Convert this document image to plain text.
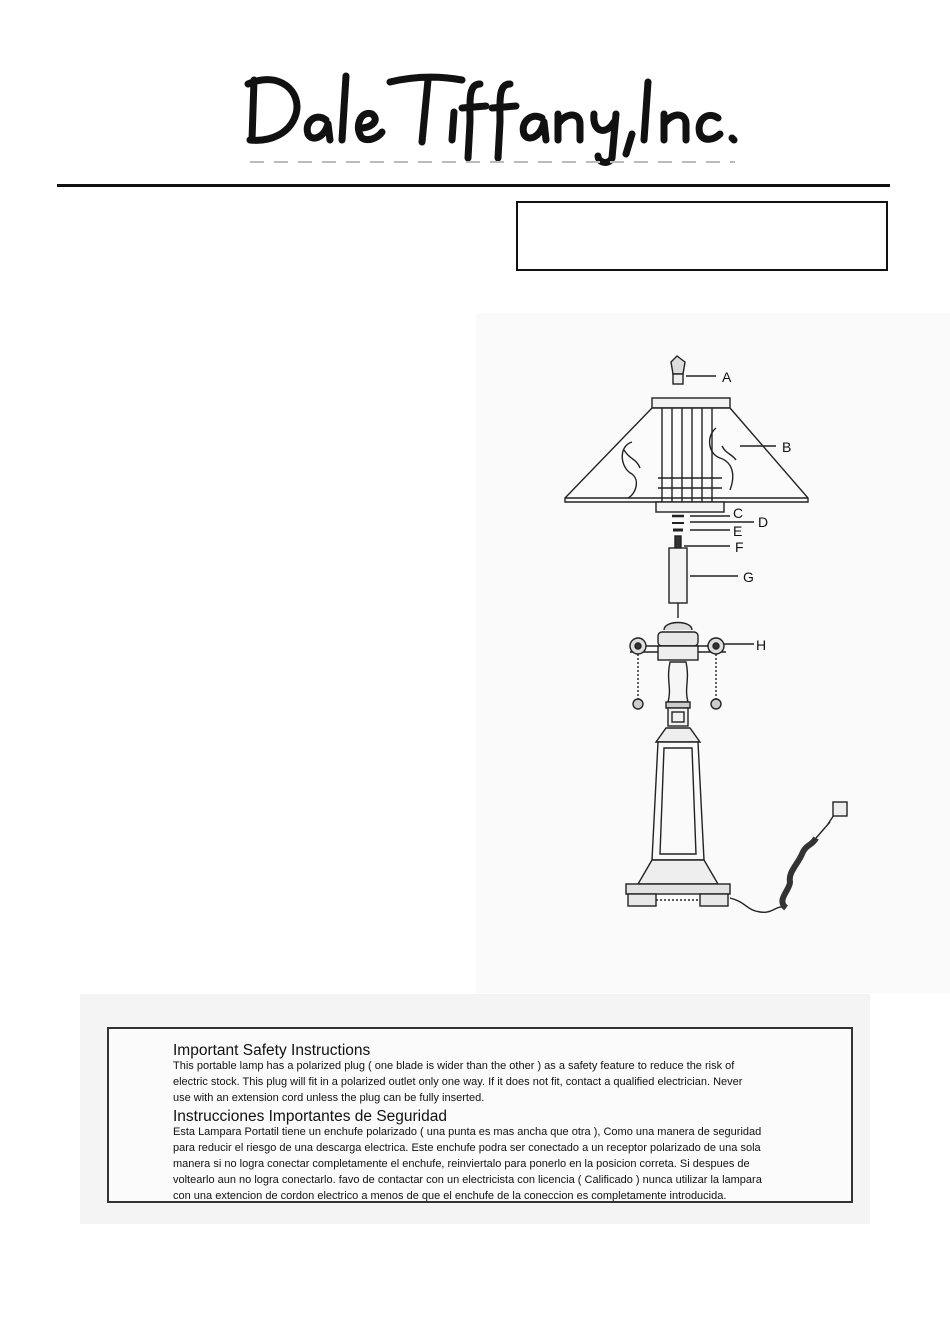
A
B
C
D
E
F
G
H

Important Safety Instructions

This portable lamp has a polarized plug ( one blade is wider than the other ) as a safety feature to reduce the risk of

electric stock. This plug will fit in a polarized outlet only one way. If it does not fit, contact a qualified electrician. Never

use with an extension cord unless the plug can be fully inserted.

Instrucciones Importantes de Seguridad

Esta Lampara Portatil tiene un enchufe polarizado ( una punta es mas ancha que otra ), Como una manera de seguridad

para reducir el riesgo de una descarga electrica. Este enchufe podra ser conectado a un receptor polarizado de una sola

manera si no logra conectar completamente el enchufe, reinviertalo para ponerlo en la posicion correta. Si despues de

voltearlo aun no logra conectarlo. favo de contactar con un electricista con licencia ( Calificado ) nunca utilizar la lampara

con una extencion de cordon electrico a menos de que el enchufe de la coneccion es completamente introducida.
